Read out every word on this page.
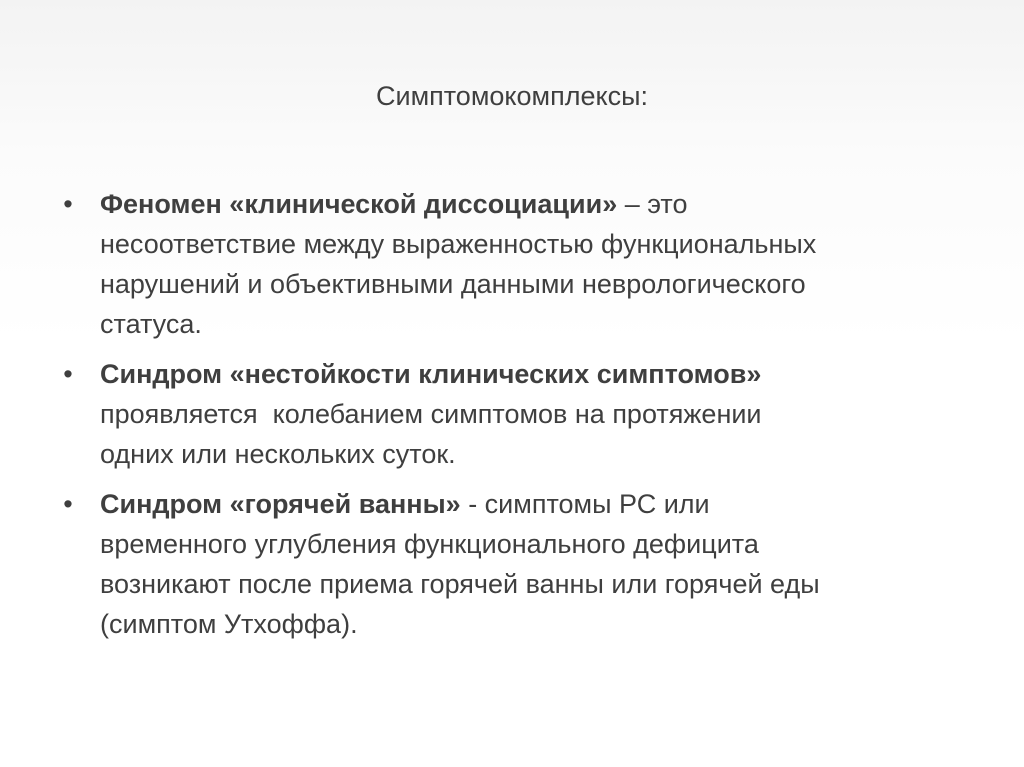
Симптомокомплексы:
• Феномен «клинической диссоциации» – это
несоответствие между выраженностью функциональных
нарушений и объективными данными неврологического
статуса.
• Синдром «нестойкости клинических симптомов»
проявляется  колебанием симптомов на протяжении
одних или нескольких суток.
• Синдром «горячей ванны» - симптомы РС или
временного углубления функционального дефицита
возникают после приема горячей ванны или горячей еды
(симптом Утхоффа).
